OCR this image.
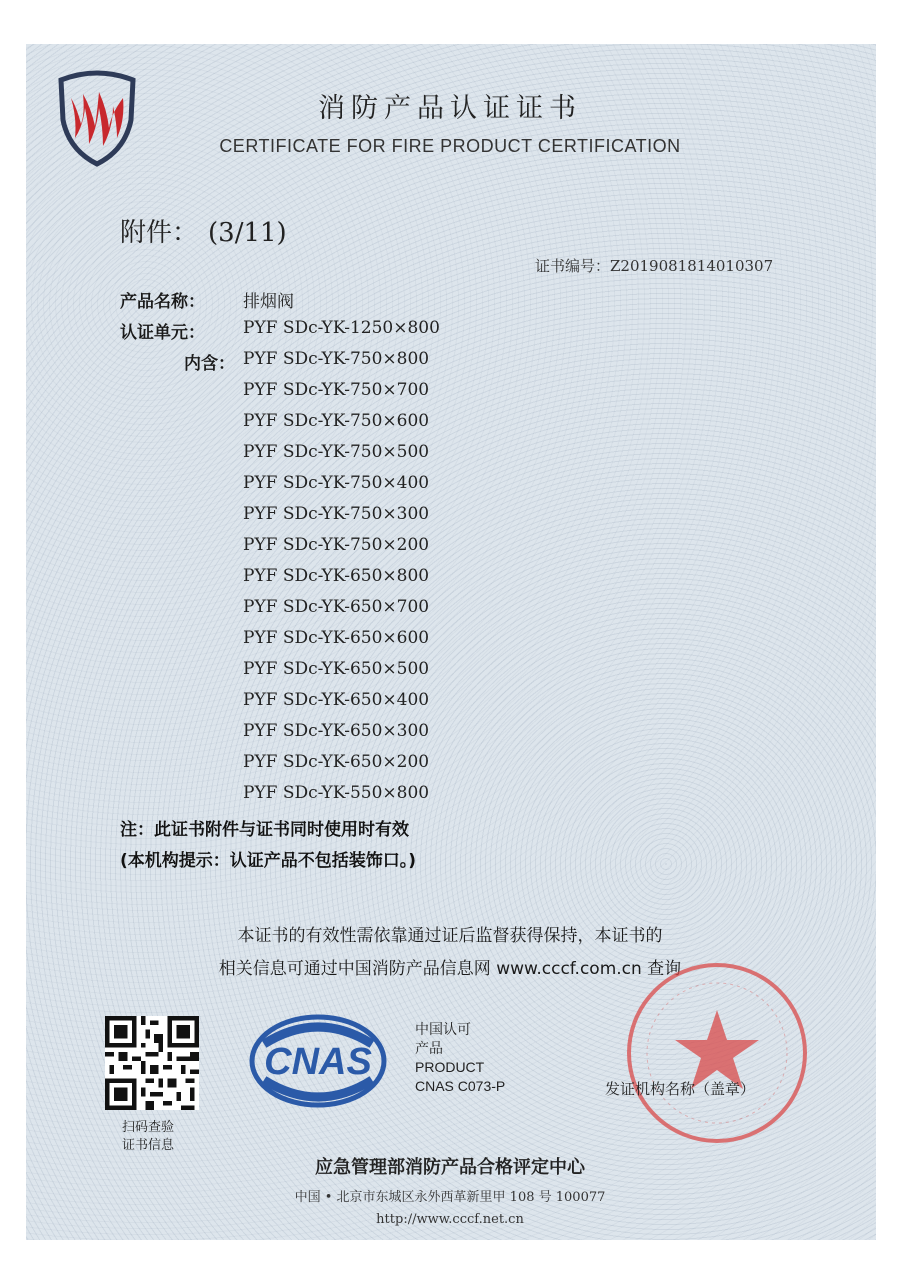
消防产品认证证书
CERTIFICATE FOR FIRE PRODUCT CERTIFICATION
附件： (3/11)
证书编号：Z2019081814010307
产品名称： 排烟阀
认证单元： PYF SDc-YK-1250×800
内含： PYF SDc-YK-750×800
PYF SDc-YK-750×700
PYF SDc-YK-750×600
PYF SDc-YK-750×500
PYF SDc-YK-750×400
PYF SDc-YK-750×300
PYF SDc-YK-750×200
PYF SDc-YK-650×800
PYF SDc-YK-650×700
PYF SDc-YK-650×600
PYF SDc-YK-650×500
PYF SDc-YK-650×400
PYF SDc-YK-650×300
PYF SDc-YK-650×200
PYF SDc-YK-550×800
注：此证书附件与证书同时使用时有效
(本机构提示：认证产品不包括装饰口。)
本证书的有效性需依靠通过证后监督获得保持，本证书的
相关信息可通过中国消防产品信息网 www.cccf.com.cn 查询
扫码查验
证书信息
CNAS
中国认可
产品
PRODUCT
CNAS C073-P	发证机构名称（盖章）
应急管理部消防产品合格评定中心
中国 • 北京市东城区永外西革新里甲 108 号 100077
http://www.cccf.net.cn
